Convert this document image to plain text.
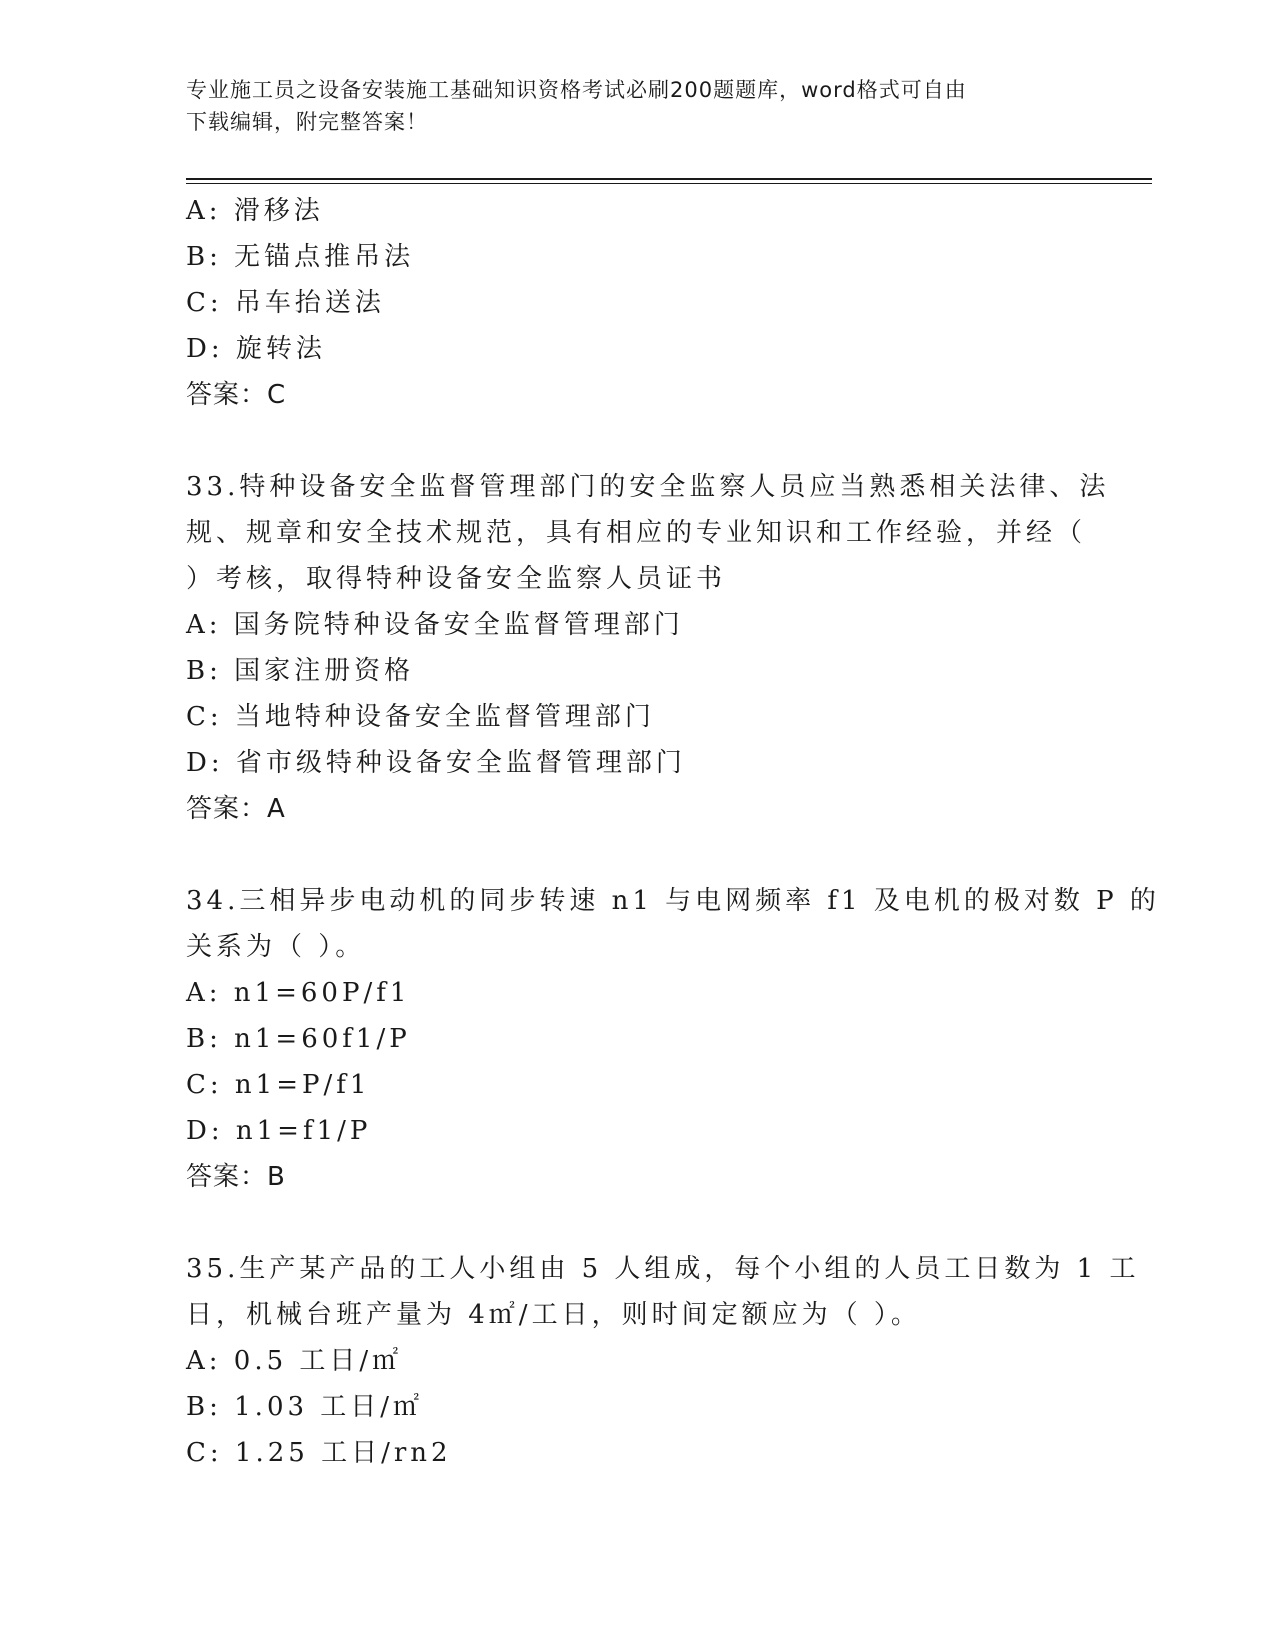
专业施工员之设备安装施工基础知识资格考试必刷200题题库，word格式可自由
下载编辑，附完整答案！
A: 滑移法
B: 无锚点推吊法
C: 吊车抬送法
D: 旋转法
答案：C
33.特种设备安全监督管理部门的安全监察人员应当熟悉相关法律、法
规、规章和安全技术规范，具有相应的专业知识和工作经验，并经（
）考核，取得特种设备安全监察人员证书
A: 国务院特种设备安全监督管理部门
B: 国家注册资格
C: 当地特种设备安全监督管理部门
D: 省市级特种设备安全监督管理部门
答案：A
34.三相异步电动机的同步转速 n1 与电网频率 f1 及电机的极对数 P 的
关系为（ ）。
A: n1=60P/f1
B: n1=60f1/P
C: n1=P/f1
D: n1=f1/P
答案：B
35.生产某产品的工人小组由 5 人组成，每个小组的人员工日数为 1 工
日，机械台班产量为 4㎡/工日，则时间定额应为（ ）。
A: 0.5 工日/㎡
B: 1.03 工日/㎡
C: 1.25 工日/rn2
